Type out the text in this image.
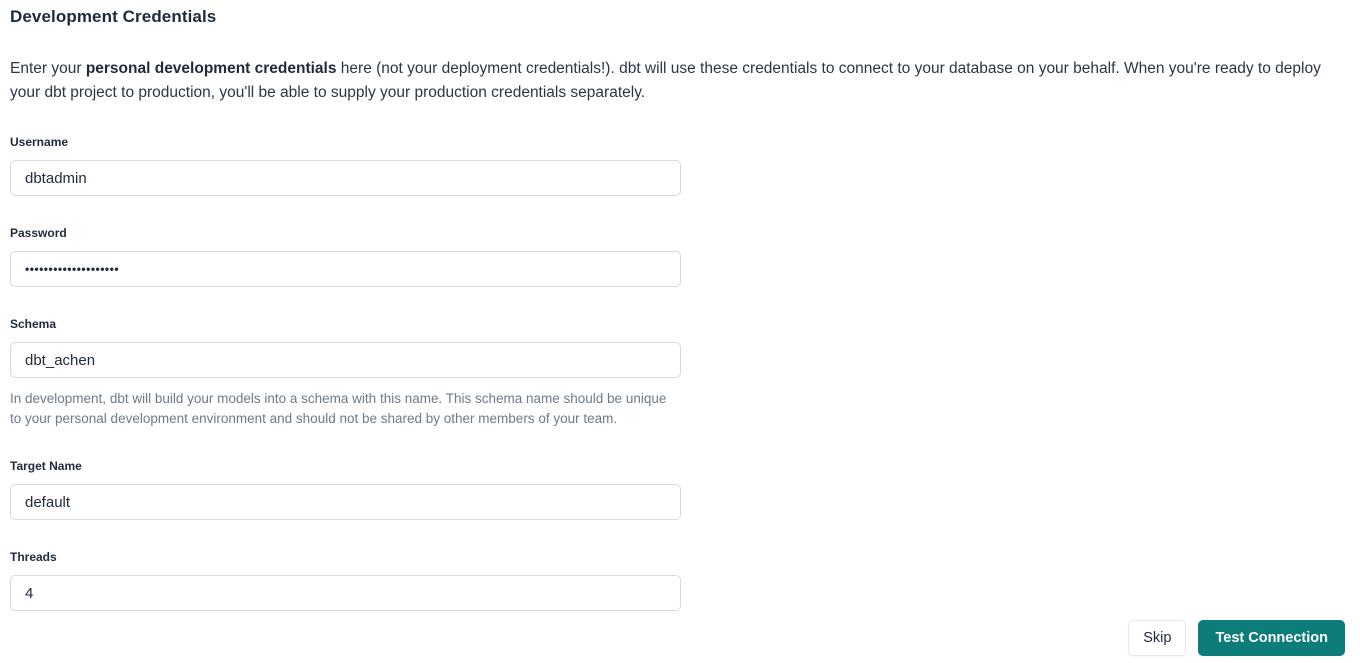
Development Credentials

Enter your personal development credentials here (not your deployment credentials!). dbt will use these credentials to connect to your database on your behalf. When you're ready to deploy your dbt project to production, you'll be able to supply your production credentials separately.

Username
dbtadmin
Password
••••••••••••••••••••
Schema
dbt_achen

In development, dbt will build your models into a schema with this name. This schema name should be unique to your personal development environment and should not be shared by other members of your team.

Target Name
default
Threads
4
Skip	Test Connection
